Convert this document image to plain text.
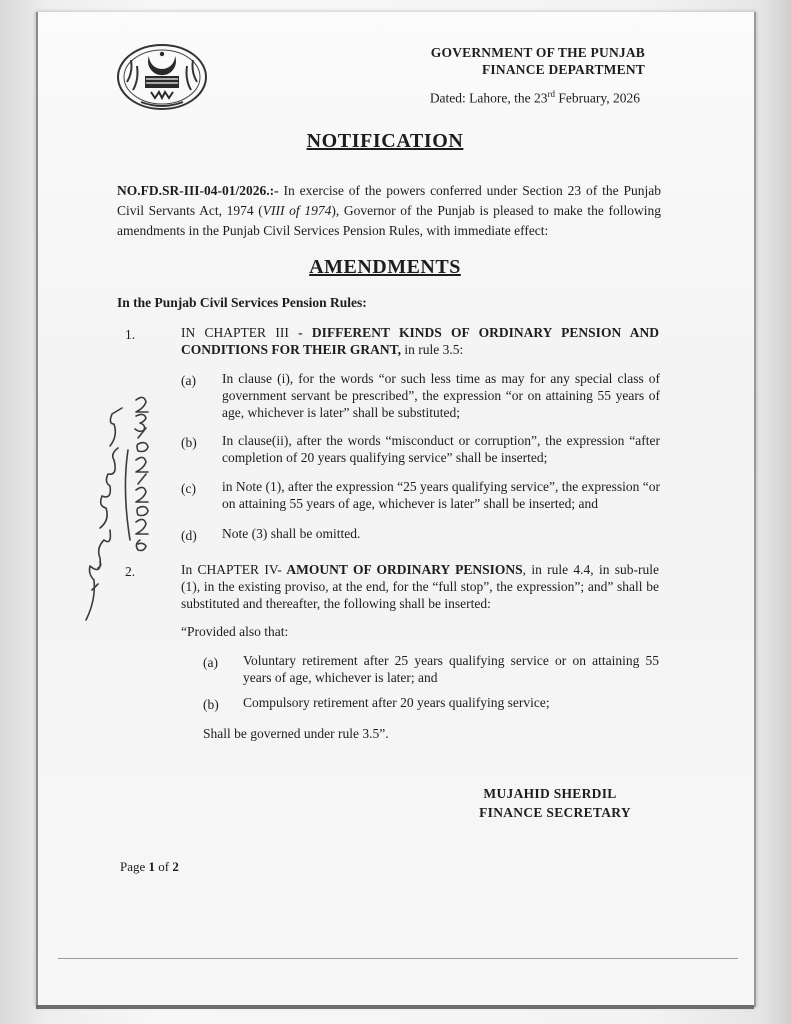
GOVERNMENT OF THE PUNJAB
FINANCE DEPARTMENT
Dated: Lahore, the 23rd February, 2026
NOTIFICATION
NO.FD.SR-III-04-01/2026.:- In exercise of the powers conferred under Section 23 of the Punjab Civil Servants Act, 1974 (VIII of 1974), Governor of the Punjab is pleased to make the following amendments in the Punjab Civil Services Pension Rules, with immediate effect:
AMENDMENTS
In the Punjab Civil Services Pension Rules:
1.	IN CHAPTER III - DIFFERENT KINDS OF ORDINARY PENSION AND CONDITIONS FOR THEIR GRANT, in rule 3.5:
(a) In clause (i), for the words “or such less time as may for any special class of government servant be prescribed”, the expression “or on attaining 55 years of age, whichever is later” shall be substituted;
(b) In clause(ii), after the words “misconduct or corruption”, the expression “after completion of 20 years qualifying service” shall be inserted;
(c) in Note (1), after the expression “25 years qualifying service”, the expression “or on attaining 55 years of age, whichever is later” shall be inserted; and
(d) Note (3) shall be omitted.
2.	In CHAPTER IV- AMOUNT OF ORDINARY PENSIONS, in rule 4.4, in sub-rule (1), in the existing proviso, at the end, for the “full stop”, the expression”; and” shall be substituted and thereafter, the following shall be inserted:
“Provided also that:
(a) Voluntary retirement after 25 years qualifying service or on attaining 55 years of age, whichever is later; and
(b) Compulsory retirement after 20 years qualifying service;
Shall be governed under rule 3.5”.
MUJAHID SHERDIL
FINANCE SECRETARY
Page 1 of 2
